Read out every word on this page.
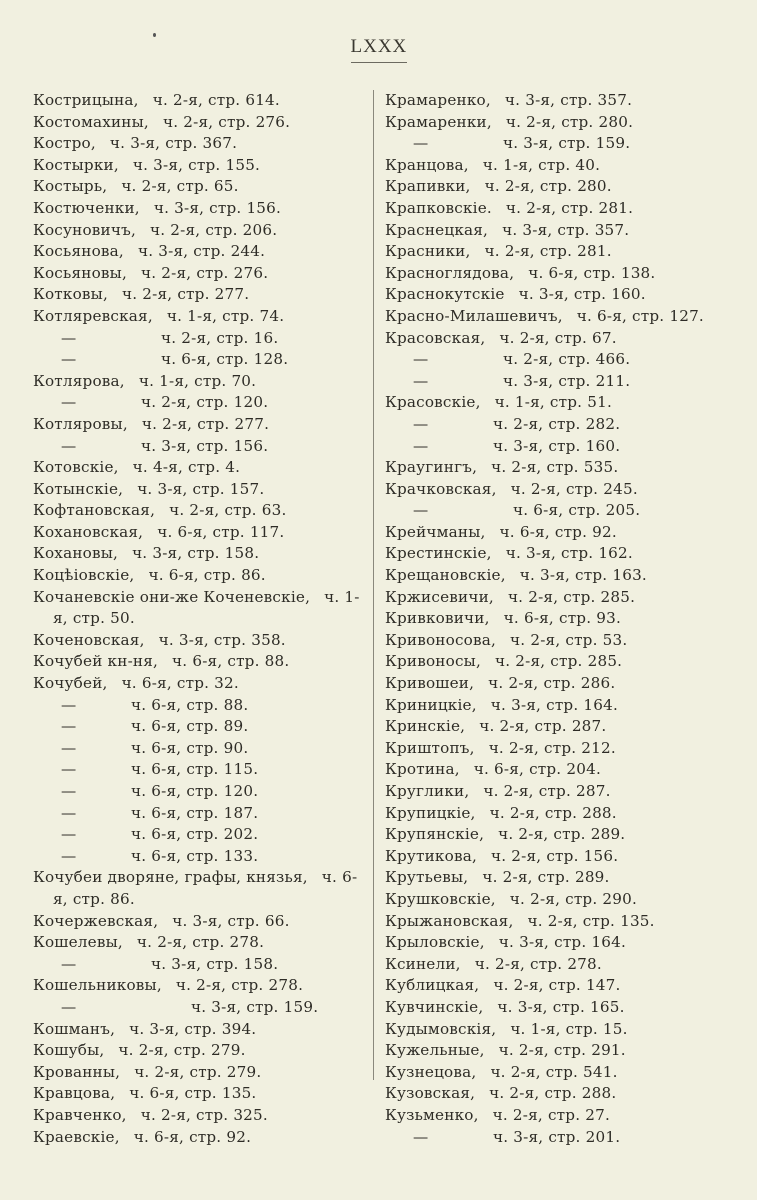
LXXX
Кострицына, ч. 2-я, стр. 614.
Костомахины, ч. 2-я, стр. 276.
Костро, ч. 3-я, стр. 367.
Костырки, ч. 3-я, стр. 155.
Костырь, ч. 2-я, стр. 65.
Костюченки, ч. 3-я, стр. 156.
Косуновичъ, ч. 2-я, стр. 206.
Косьянова, ч. 3-я, стр. 244.
Косьяновы, ч. 2-я, стр. 276.
Котковы, ч. 2-я, стр. 277.
Котляревская, ч. 1-я, стр. 74.
—	ч. 2-я, стр. 16.
—	ч. 6-я, стр. 128.
Котлярова, ч. 1-я, стр. 70.
—	ч. 2-я, стр. 120.
Котляровы, ч. 2-я, стр. 277.
—	ч. 3-я, стр. 156.
Котовскіе, ч. 4-я, стр. 4.
Котынскіе, ч. 3-я, стр. 157.
Кофтановская, ч. 2-я, стр. 63.
Кохановская, ч. 6-я, стр. 117.
Кохановы, ч. 3-я, стр. 158.
Коцѣіовскіе, ч. 6-я, стр. 86.
Кочаневскіе они-же Коченевскіе, ч. 1-я, стр. 50.
Коченовская, ч. 3-я, стр. 358.
Кочубей кн-ня, ч. 6-я, стр. 88.
Кочубей, ч. 6-я, стр. 32.
—	ч. 6-я, стр. 88.
—	ч. 6-я, стр. 89.
—	ч. 6-я, стр. 90.
—	ч. 6-я, стр. 115.
—	ч. 6-я, стр. 120.
—	ч. 6-я, стр. 187.
—	ч. 6-я, стр. 202.
—	ч. 6-я, стр. 133.
Кочубеи дворяне, графы, князья, ч. 6-я, стр. 86.
Кочержевская, ч. 3-я, стр. 66.
Кошелевы, ч. 2-я, стр. 278.
—	ч. 3-я, стр. 158.
Кошельниковы, ч. 2-я, стр. 278.
—	ч. 3-я, стр. 159.
Кошманъ, ч. 3-я, стр. 394.
Кошубы, ч. 2-я, стр. 279.
Крованны, ч. 2-я, стр. 279.
Кравцова, ч. 6-я, стр. 135.
Кравченко, ч. 2-я, стр. 325.
Краевскіе, ч. 6-я, стр. 92.
Крамаренко, ч. 3-я, стр. 357.
Крамаренки, ч. 2-я, стр. 280.
—	ч. 3-я, стр. 159.
Кранцова, ч. 1-я, стр. 40.
Крапивки, ч. 2-я, стр. 280.
Крапковскіе. ч. 2-я, стр. 281.
Краснецкая, ч. 3-я, стр. 357.
Красники, ч. 2-я, стр. 281.
Красноглядова, ч. 6-я, стр. 138.
Краснокутскіе ч. 3-я, стр. 160.
Красно-Милашевичъ, ч. 6-я, стр. 127.
Красовская, ч. 2-я, стр. 67.
—	ч. 2-я, стр. 466.
—	ч. 3-я, стр. 211.
Красовскіе, ч. 1-я, стр. 51.
—	ч. 2-я, стр. 282.
—	ч. 3-я, стр. 160.
Краугингъ, ч. 2-я, стр. 535.
Крачковская, ч. 2-я, стр. 245.
—	ч. 6-я, стр. 205.
Крейчманы, ч. 6-я, стр. 92.
Крестинскіе, ч. 3-я, стр. 162.
Крещановскіе, ч. 3-я, стр. 163.
Кржисевичи, ч. 2-я, стр. 285.
Кривковичи, ч. 6-я, стр. 93.
Кривоносова, ч. 2-я, стр. 53.
Кривоносы, ч. 2-я, стр. 285.
Кривошеи, ч. 2-я, стр. 286.
Криницкіе, ч. 3-я, стр. 164.
Кринскіе, ч. 2-я, стр. 287.
Криштопъ, ч. 2-я, стр. 212.
Кротина, ч. 6-я, стр. 204.
Круглики, ч. 2-я, стр. 287.
Крупицкіе, ч. 2-я, стр. 288.
Крупянскіе, ч. 2-я, стр. 289.
Крутикова, ч. 2-я, стр. 156.
Крутьевы, ч. 2-я, стр. 289.
Крушковскіе, ч. 2-я, стр. 290.
Крыжановская, ч. 2-я, стр. 135.
Крыловскіе, ч. 3-я, стр. 164.
Ксинели, ч. 2-я, стр. 278.
Кублицкая, ч. 2-я, стр. 147.
Кувчинскіе, ч. 3-я, стр. 165.
Кудымовскія, ч. 1-я, стр. 15.
Кужельные, ч. 2-я, стр. 291.
Кузнецова, ч. 2-я, стр. 541.
Кузовская, ч. 2-я, стр. 288.
Кузьменко, ч. 2-я, стр. 27.
—	ч. 3-я, стр. 201.
